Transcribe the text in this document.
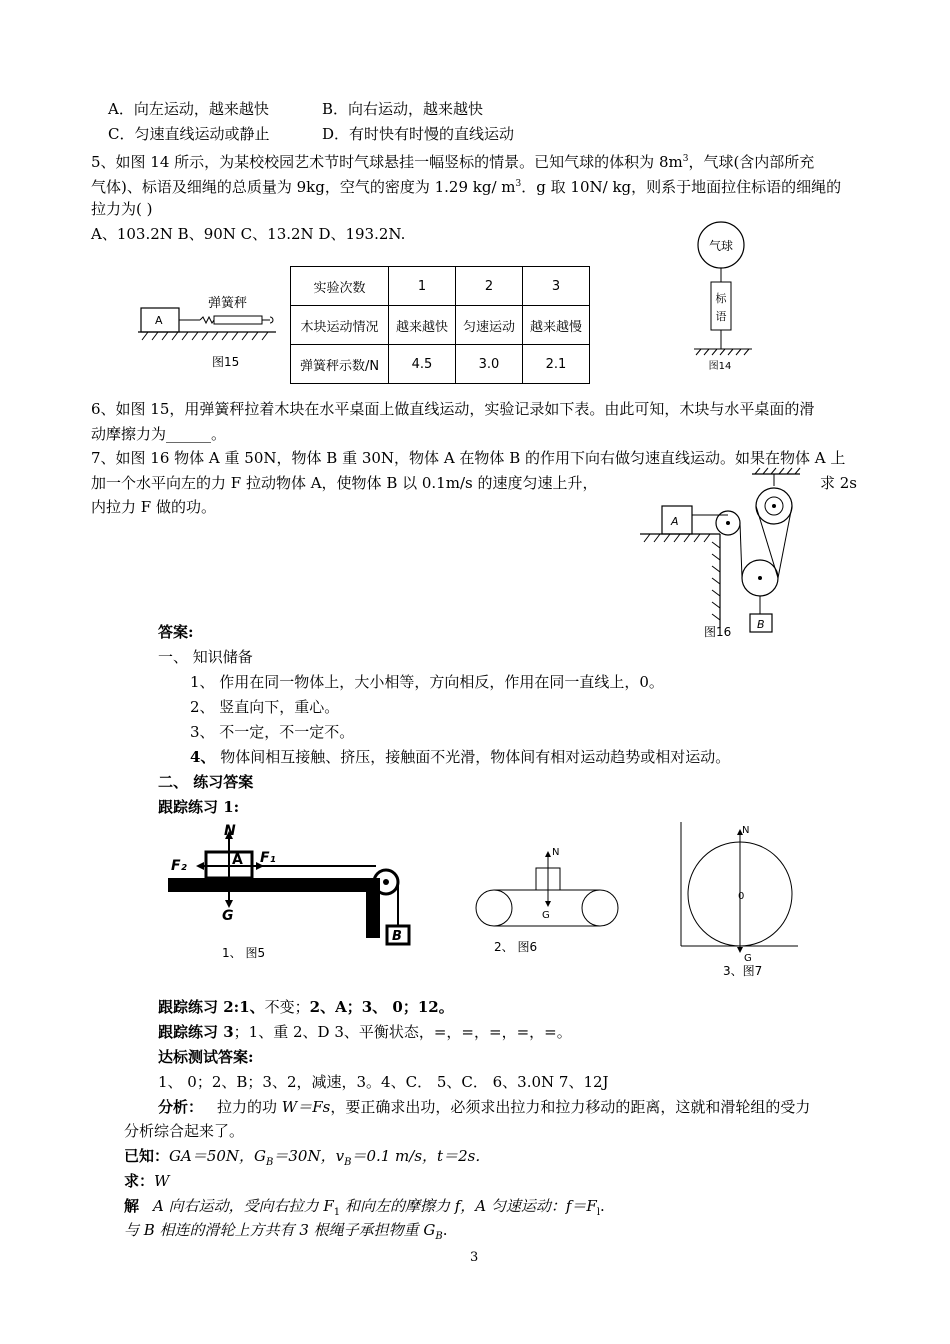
A．向左运动，越来越快	B．向右运动，越来越快
C．匀速直线运动或静止	D．有时快有时慢的直线运动
5、如图 14 所示，为某校校园艺术节时气球悬挂一幅竖标的情景。已知气球的体积为 $8m^3$，气球(含内部所充
气体)、标语及细绳的总质量为 9kg，空气的密度为 1.29 kg/ $m^3$．g 取 10N/ kg，则系于地面拉住标语的细绳的
拉力为( )
A、103.2N B、90N C、13.2N D、193.2N.
气球
标
语
图14
A
弹簧秤
图15
实验次数	1	2	3
木块运动情况	越来越快	匀速运动	越来越慢
弹簧秤示数/N	4.5	3.0	2.1
6、如图 15，用弹簧秤拉着木块在水平桌面上做直线运动，实验记录如下表。由此可知，木块与水平桌面的滑
动摩擦力为______。
7、如图 16 物体 A 重 50N，物体 B 重 30N，物体 A 在物体 B 的作用下向右做匀速直线运动。如果在物体 A 上
加一个水平向左的力 F 拉动物体 A，使物体 B 以 0.1m/s 的速度匀速上升，	求 2s
内拉力 F 做的功。
A
B
图16
答案:
一、 知识储备
1、 作用在同一物体上，大小相等，方向相反，作用在同一直线上，0。
2、 竖直向下，重心。
3、 不一定，不一定不。
4、 物体间相互接触、挤压，接触面不光滑，物体间有相对运动趋势或相对运动。
二、 练习答案
跟踪练习 1:
N
F₂	A F₁
G
B
1、 图5
N
G
2、 图6
N
0
G
3、图7
跟踪练习 2:1、不变；2、A；3、 0；12。
跟踪练习 3；1、重 2、D 3、平衡状态，=，=，=，=，=。
达标测试答案:
1、 0；2、B；3、2，减速，3。4、C． 5、C． 6、3.0N 7、12J
分析： 拉力的功 W＝Fs，要正确求出功，必须求出拉力和拉力移动的距离，这就和滑轮组的受力
分析综合起来了。
已知：GA＝50N，$G_B=30N$，$v_B=0.1$ m/s，t＝2s．
求：W
解 A 向右运动，受向右拉力 $F_1$ 和向左的摩擦力 f，A 匀速运动：$f=F_l$.
与 B 相连的滑轮上方共有 3 根绳子承担物重 $G_B$.
3
